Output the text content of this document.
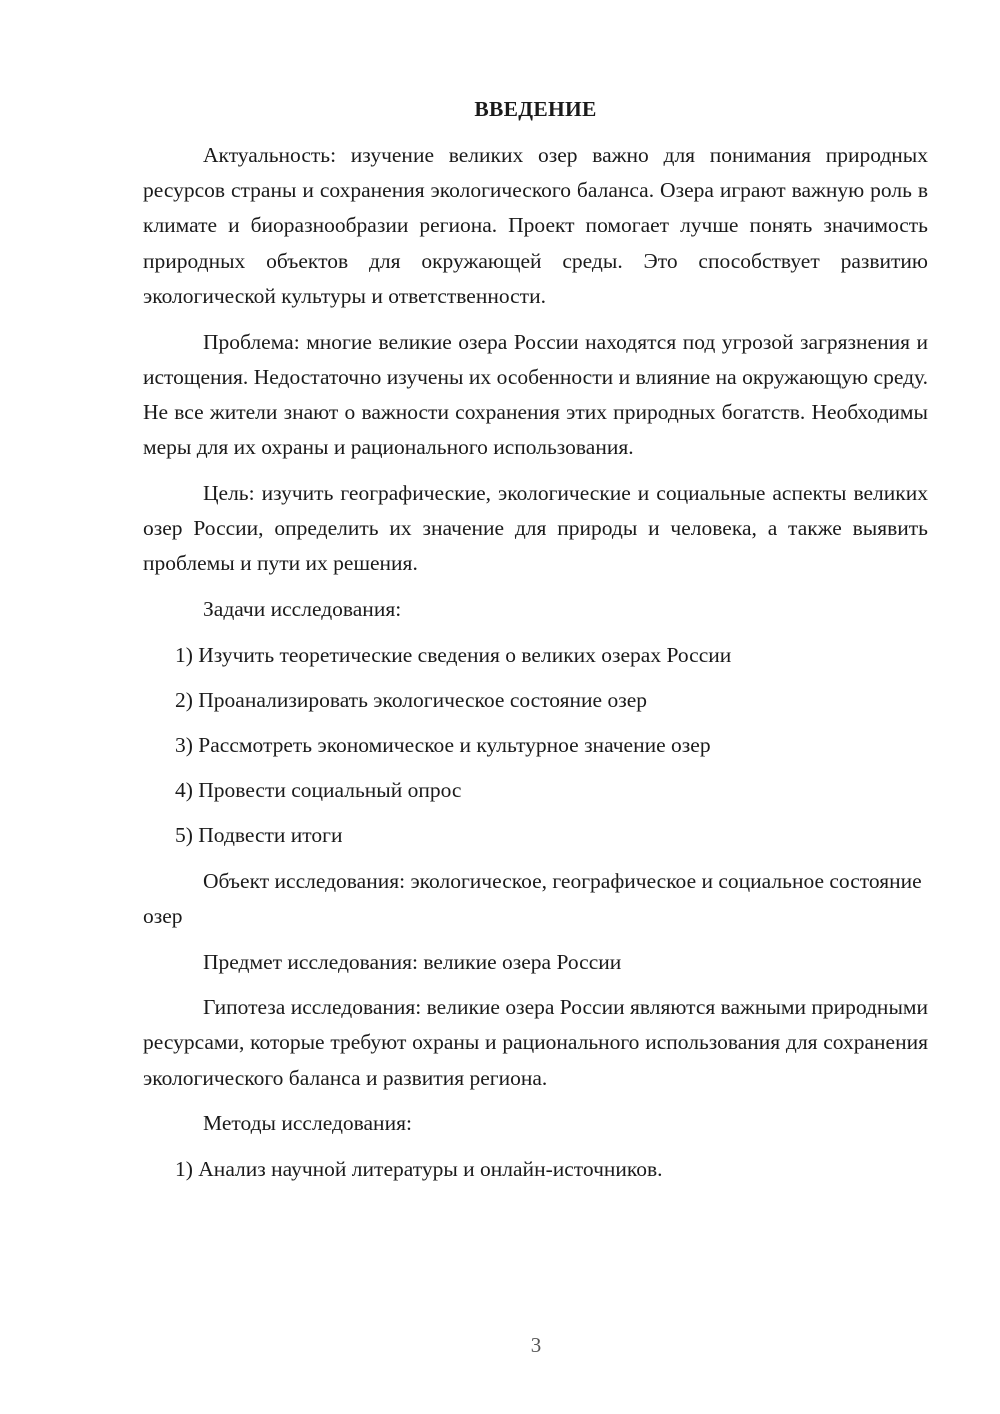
ВВЕДЕНИЕ

Актуальность: изучение великих озер важно для понимания природных ресурсов страны и сохранения экологического баланса. Озера играют важную роль в климате и биоразнообразии региона. Проект помогает лучше понять значимость природных объектов для окружающей среды. Это способствует развитию экологической культуры и ответственности.

Проблема: многие великие озера России находятся под угрозой загрязнения и истощения. Недостаточно изучены их особенности и влияние на окружающую среду. Не все жители знают о важности сохранения этих природных богатств. Необходимы меры для их охраны и рационального использования.

Цель: изучить географические, экологические и социальные аспекты великих озер России, определить их значение для природы и человека, а также выявить проблемы и пути их решения.

Задачи исследования:

1) Изучить теоретические сведения о великих озерах России

2) Проанализировать экологическое состояние озер

3) Рассмотреть экономическое и культурное значение озер

4) Провести социальный опрос

5) Подвести итоги

Объект исследования: экологическое, географическое и социальное состояние озер

Предмет исследования: великие озера России

Гипотеза исследования: великие озера России являются важными природными ресурсами, которые требуют охраны и рационального использования для сохранения экологического баланса и развития региона.

Методы исследования:

1) Анализ научной литературы и онлайн-источников.

3
